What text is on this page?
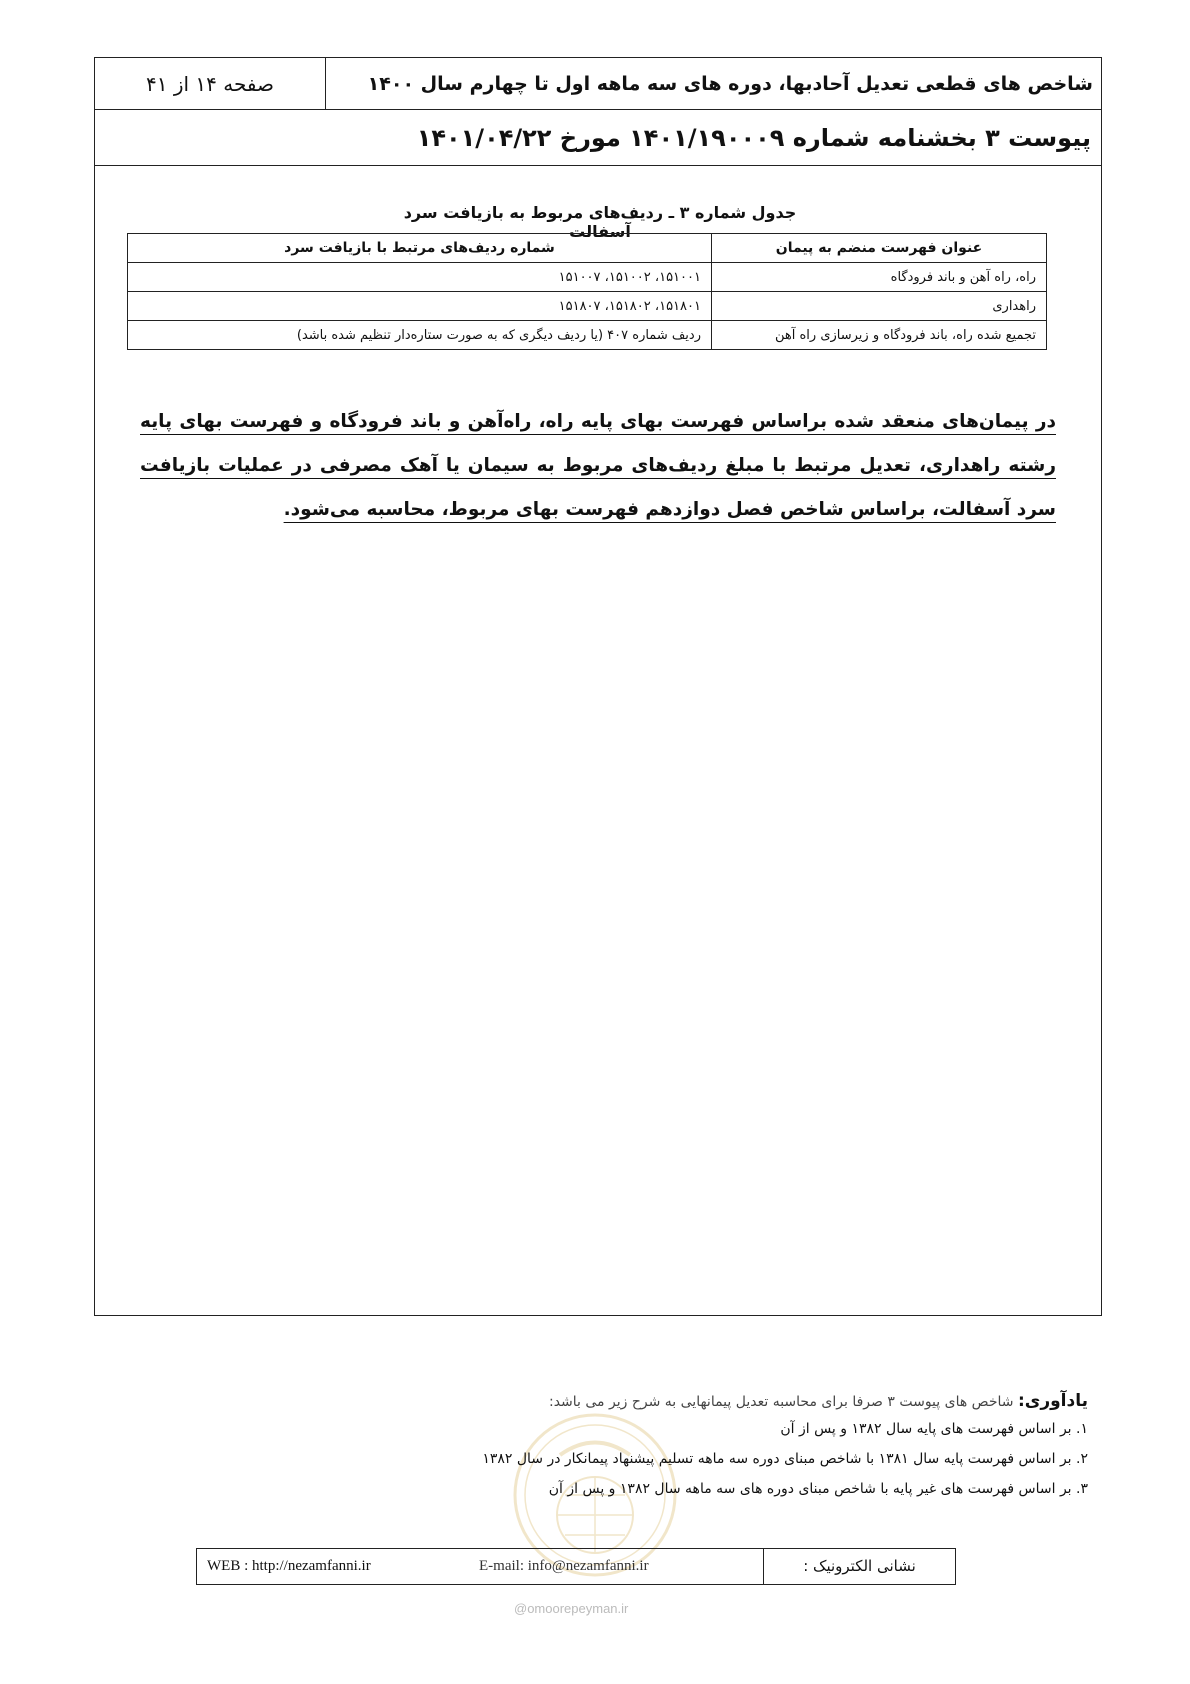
شاخص های قطعی تعدیل آحادبها، دوره های سه ماهه اول تا چهارم سال ۱۴۰۰
صفحه ۱۴ از ۴۱
پیوست ۳ بخشنامه شماره ۱۴۰۱/۱۹۰۰۰۹ مورخ ۱۴۰۱/۰۴/۲۲
جدول شماره ۳ ـ ردیف‌های مربوط به بازیافت سرد آسفالت
عنوان فهرست منضم به پیمان	شماره ردیف‌های مرتبط با بازیافت سرد
راه، راه آهن و باند فرودگاه	۱۵۱۰۰۱، ۱۵۱۰۰۲، ۱۵۱۰۰۷
راهداری	۱۵۱۸۰۱، ۱۵۱۸۰۲، ۱۵۱۸۰۷
تجمیع شده راه، باند فرودگاه و زیرسازی راه آهن	ردیف شماره ۴۰۷ (یا ردیف دیگری که به صورت ستاره‌دار تنظیم شده باشد)
در پیمان‌های منعقد شده براساس فهرست بهای پایه راه، راه‌آهن و باند فرودگاه و فهرست بهای پایه رشته راهداری، تعدیل مرتبط با مبلغ ردیف‌های مربوط به سیمان یا آهک مصرفی در عملیات بازیافت سرد آسفالت، براساس شاخص فصل دوازدهم فهرست بهای مربوط، محاسبه می‌شود.
یادآوری: شاخص های پیوست ۳ صرفا برای محاسبه تعدیل پیمانهایی به شرح زیر می باشد:
۱. بر اساس فهرست های پایه سال ۱۳۸۲ و پس از آن
۲. بر اساس فهرست پایه سال ۱۳۸۱ با شاخص مبنای دوره سه ماهه تسلیم پیشنهاد پیمانکار در سال ۱۳۸۲
۳. بر اساس فهرست های غیر پایه با شاخص مبنای دوره های سه ماهه سال ۱۳۸۲ و پس از آن
نشانی الکترونیک :
E-mail: info@nezamfanni.ir
WEB : http://nezamfanni.ir
@omoorepeyman.ir
